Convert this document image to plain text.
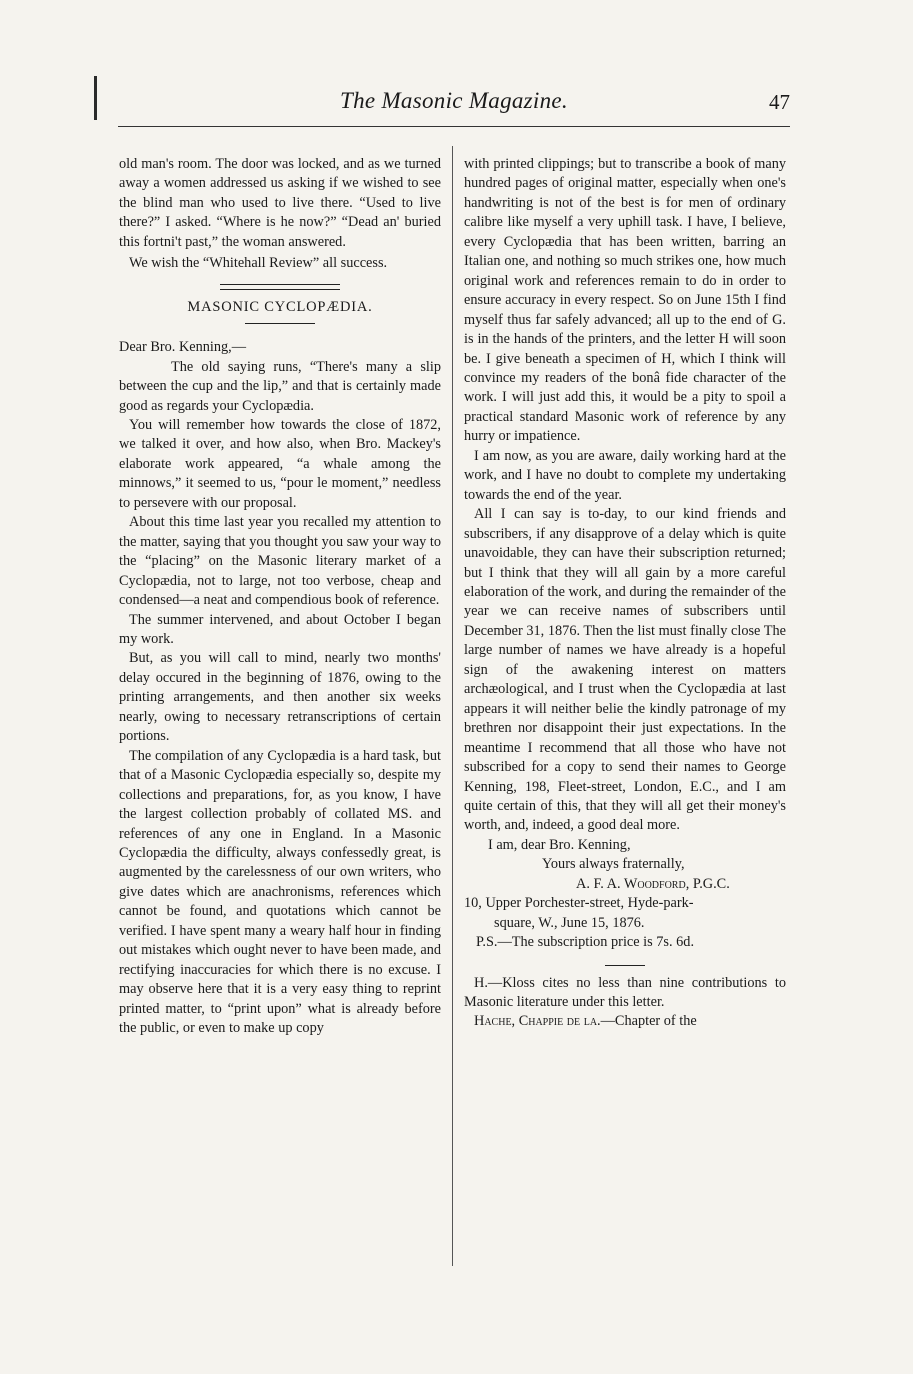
The Masonic Magazine.	47

old man's room. The door was locked, and as we turned away a women addressed us asking if we wished to see the blind man who used to live there. “Used to live there?” I asked. “Where is he now?” “Dead an' buried this fortni't past,” the woman answered.

We wish the “Whitehall Review” all success.

MASONIC CYCLOPÆDIA.

Dear Bro. Kenning,—

The old saying runs, “There's many a slip between the cup and the lip,” and that is certainly made good as regards your Cyclopædia.

You will remember how towards the close of 1872, we talked it over, and how also, when Bro. Mackey's elaborate work appeared, “a whale among the minnows,” it seemed to us, “pour le moment,” needless to persevere with our proposal.

About this time last year you recalled my attention to the matter, saying that you thought you saw your way to the “placing” on the Masonic literary market of a Cyclopædia, not to large, not too verbose, cheap and condensed—a neat and compendious book of reference.

The summer intervened, and about October I began my work.

But, as you will call to mind, nearly two months' delay occured in the beginning of 1876, owing to the printing arrangements, and then another six weeks nearly, owing to necessary retranscriptions of certain portions.

The compilation of any Cyclopædia is a hard task, but that of a Masonic Cyclopædia especially so, despite my collections and preparations, for, as you know, I have the largest collection probably of collated MS. and references of any one in England. In a Masonic Cyclopædia the difficulty, always confessedly great, is augmented by the carelessness of our own writers, who give dates which are anachronisms, references which cannot be found, and quotations which cannot be verified. I have spent many a weary half hour in finding out mistakes which ought never to have been made, and rectifying inaccuracies for which there is no excuse. I may observe here that it is a very easy thing to reprint printed matter, to “print upon” what is already before the public, or even to make up copy

with printed clippings; but to transcribe a book of many hundred pages of original matter, especially when one's handwriting is not of the best is for men of ordinary calibre like myself a very uphill task. I have, I believe, every Cyclopædia that has been written, barring an Italian one, and nothing so much strikes one, how much original work and references remain to do in order to ensure accuracy in every respect. So on June 15th I find myself thus far safely advanced; all up to the end of G. is in the hands of the printers, and the letter H will soon be. I give beneath a specimen of H, which I think will convince my readers of the bonâ fide character of the work. I will just add this, it would be a pity to spoil a practical standard Masonic work of reference by any hurry or impatience.

I am now, as you are aware, daily working hard at the work, and I have no doubt to complete my undertaking towards the end of the year.

All I can say is to-day, to our kind friends and subscribers, if any disapprove of a delay which is quite unavoidable, they can have their subscription returned; but I think that they will all gain by a more careful elaboration of the work, and during the remainder of the year we can receive names of subscribers until December 31, 1876. Then the list must finally close The large number of names we have already is a hopeful sign of the awakening interest on matters archæological, and I trust when the Cyclopædia at last appears it will neither belie the kindly patronage of my brethren nor disappoint their just expectations. In the meantime I recommend that all those who have not subscribed for a copy to send their names to George Kenning, 198, Fleet-street, London, E.C., and I am quite certain of this, that they will all get their money's worth, and, indeed, a good deal more.

I am, dear Bro. Kenning,

Yours always fraternally,

A. F. A. Woodford, P.G.C.

10, Upper Porchester-street, Hyde-park-

square, W., June 15, 1876.

P.S.—The subscription price is 7s. 6d.

H.—Kloss cites no less than nine contributions to Masonic literature under this letter.

Hache, Chappie de la.—Chapter of the
